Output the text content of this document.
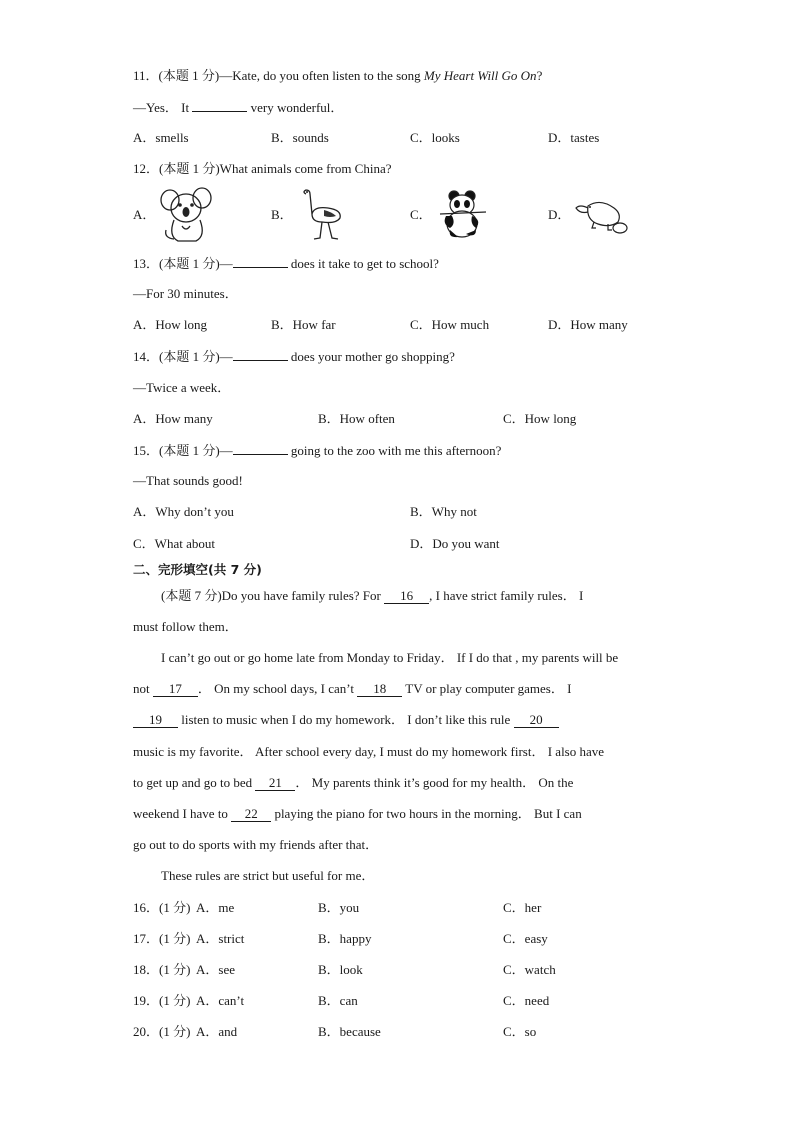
11．(本题 1 分)—Kate, do you often listen to the song My Heart Will Go On?
—Yes． It	very wonderful．
A．smells	B．sounds	C．looks	D．tastes
12．(本题 1 分)What animals come from China?
A．	B．	C．	D．
13．(本题 1 分)—	does it take to get to school?
—For 30 minutes．
A．How long	B．How far	C．How much	D．How many
14．(本题 1 分)—	does your mother go shopping?
—Twice a week．
A．How many	B．How often	C．How long
15．(本题 1 分)—	going to the zoo with me this afternoon?
—That sounds good!
A．Why don’t you	B．Why not
C．What about	D．Do you want
二、完形填空(共 7 分)
(本题 7 分)Do you have family rules? For 16 , I have strict family rules． I
must follow them．
I can’t go out or go home late from Monday to Friday． If I do that , my parents will be
not 17 ． On my school days, I can’t 18 TV or play computer games． I
19 listen to music when I do my homework． I don’t like this rule 20
music is my favorite． After school every day, I must do my homework first． I also have
to get up and go to bed 21 ． My parents think it’s good for my health． On the
weekend I have to 22 playing the piano for two hours in the morning． But I can
go out to do sports with my friends after that．
These rules are strict but useful for me．
16．(1 分) A．me	B．you	C．her
17．(1 分) A．strict	B．happy	C．easy
18．(1 分) A．see	B．look	C．watch
19．(1 分) A．can’t	B．can	C．need
20．(1 分) A．and	B．because	C．so
